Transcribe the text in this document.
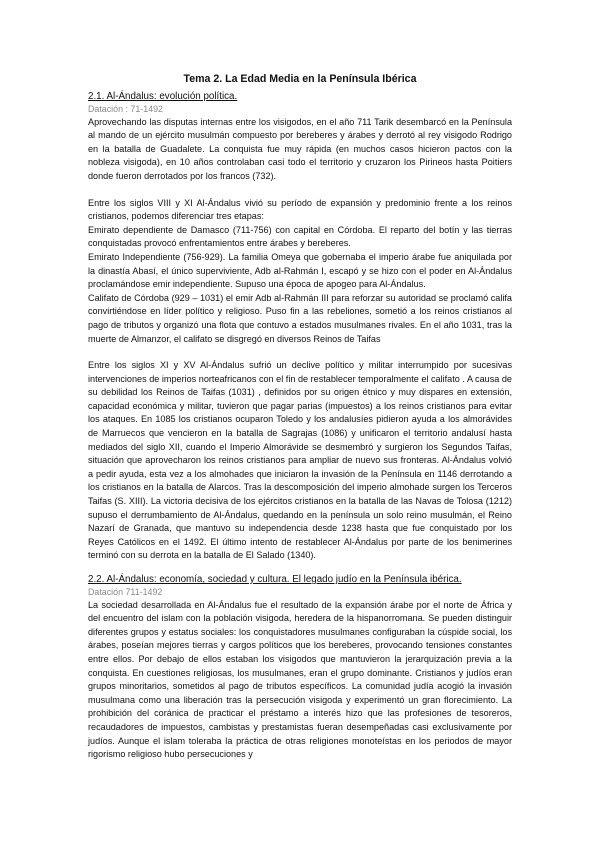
Tema 2. La Edad Media en la Península Ibérica
2.1. Al-Ándalus: evolución política.
Datación : 71-1492

Aprovechando las disputas internas entre los visigodos, en el año 711 Tarik desembarcó en la Península al mando de un ejército musulmán compuesto por bereberes y árabes y derrotó al rey visigodo Rodrigo en la batalla de Guadalete. La conquista fue muy rápida (en muchos casos hicieron pactos con la nobleza visigoda), en 10 años controlaban casi todo el territorio y cruzaron los Pirineos hasta Poitiers donde fueron derrotados por los francos (732).

Entre los siglos VIII y XI Al-Ándalus vivió su período de expansión y predominio frente a los reinos cristianos, podemos diferenciar tres etapas:

Emirato dependiente de Damasco (711-756) con capital en Córdoba. El reparto del botín y las tierras conquistadas provocó enfrentamientos entre árabes y bereberes.

Emirato Independiente (756-929). La familia Omeya que gobernaba el imperio árabe fue aniquilada por la dinastía Abasí, el único superviviente, Adb al-Rahmán I, escapó y se hizo con el poder en Al-Ándalus proclamándose emir independiente. Supuso una época de apogeo para Al-Ándalus.

Califato de Córdoba (929 – 1031) el emir Adb al-Rahmán III para reforzar su autoridad se proclamó califa convirtiéndose en líder político y religioso. Puso fin a las rebeliones, sometió a los reinos cristianos al pago de tributos y organizó una flota que contuvo a estados musulmanes rivales. En el año 1031, tras la muerte de Almanzor, el califato se disgregó en diversos Reinos de Taifas

Entre los siglos XI y XV Al-Ándalus sufrió un declive político y militar interrumpido por sucesivas intervenciones de imperios norteafricanos con el fin de restablecer temporalmente el califato . A causa de su debilidad los Reinos de Taifas (1031) , definidos por su origen étnico y muy dispares en extensión, capacidad económica y militar, tuvieron que pagar parias (impuestos) a los reinos cristianos para evitar los ataques. En 1085 los cristianos ocuparon Toledo y los andalusíes pidieron ayuda a los almorávides de Marruecos que vencieron en la batalla de Sagrajas (1086) y unificaron el territorio andalusí hasta mediados del siglo XII, cuando el Imperio Almorávide se desmembró y surgieron los Segundos Taifas, situación que aprovecharon los reinos cristianos para ampliar de nuevo sus fronteras. Al-Ándalus volvió a pedir ayuda, esta vez a los almohades que iniciaron la invasión de la Península en 1146 derrotando a los cristianos en la batalla de Alarcos. Tras la descomposición del imperio almohade surgen los Terceros Taifas (S. XIII). La victoria decisiva de los ejércitos cristianos en la batalla de las Navas de Tolosa (1212) supuso el derrumbamiento de Al-Ándalus, quedando en la península un solo reino musulmán, el Reino Nazarí de Granada, que mantuvo su independencia desde 1238 hasta que fue conquistado por los Reyes Católicos en el 1492. El último intento de restablecer Al-Ándalus por parte de los benimerines terminó con su derrota en la batalla de El Salado (1340).

2.2. Al-Ándalus: economía, sociedad y cultura. El legado judío en la Península ibérica.
Datación 711-1492

La sociedad desarrollada en Al-Ándalus fue el resultado de la expansión árabe por el norte de África y del encuentro del islam con la población visigoda, heredera de la hispanorromana. Se pueden distinguir diferentes grupos y estatus sociales: los conquistadores musulmanes configuraban la cúspide social, los árabes, poseían mejores tierras y cargos políticos que los bereberes, provocando tensiones constantes entre ellos. Por debajo de ellos estaban los visigodos que mantuvieron la jerarquización previa a la conquista. En cuestiones religiosas, los musulmanes, eran el grupo dominante. Cristianos y judíos eran grupos minoritarios, sometidos al pago de tributos específicos. La comunidad judía acogió la invasión musulmana como una liberación tras la persecución visigoda y experimentó un gran florecimiento. La prohibición del coránica de practicar el préstamo a interés hizo que las profesiones de tesoreros, recaudadores de impuestos, cambistas y prestamistas fueran desempeñadas casi exclusivamente por judíos. Aunque el islam toleraba la práctica de otras religiones monoteístas en los periodos de mayor rigorismo religioso hubo persecuciones y
